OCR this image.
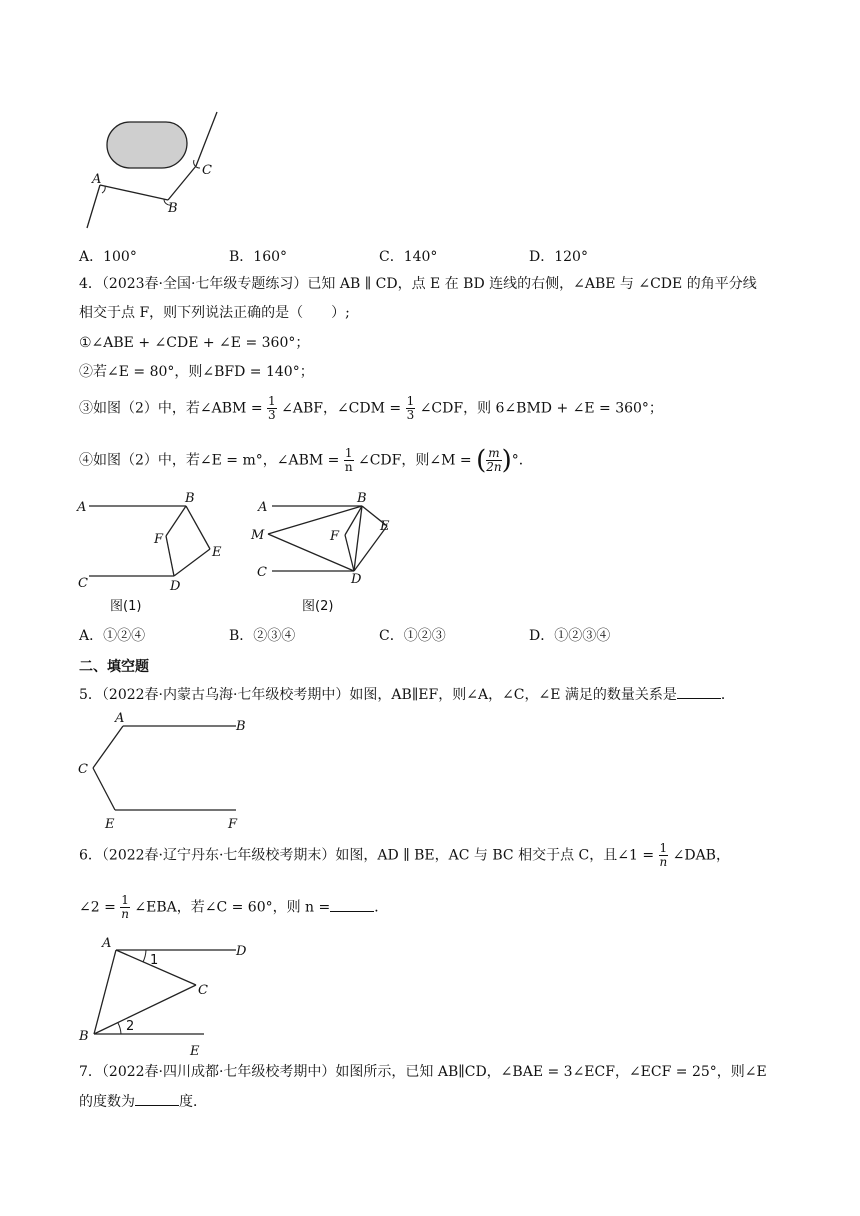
A
B
C
A．100°	B．160°	C．140°	D．120°
4．（2023春·全国·七年级专题练习）已知 AB ∥ CD，点 E 在 BD 连线的右侧，∠ABE 与 ∠CDE 的角平分线
相交于点 F，则下列说法正确的是（　　）;
①∠ABE + ∠CDE + ∠E = 360°；
②若∠E = 80°，则∠BFD = 140°；
③如图（2）中，若∠ABM = $\frac{1}{3}$ ∠ABF，∠CDM = $\frac{1}{3}$ ∠CDF，则 6∠BMD + ∠E = 360°；
④如图（2）中，若∠E = m°，∠ABM = $\frac{1}{n}$ ∠CDF，则∠M = ( $\frac{m}{2n}$ )°．
A
B
C	D
E
F
图(1)
A
B
C	D
E
F
M
图(2)
A．①②④	B．②③④	C．①②③	D．①②③④
二、填空题
5．（2022春·内蒙古乌海·七年级校考期中）如图，AB∥EF，则∠A，∠C，∠E 满足的数量关系是	．
A
B
C
E	F
6．（2022春·辽宁丹东·七年级校考期末）如图，AD ∥ BE，AC 与 BC 相交于点 C，且∠1 = $\frac{1}{n}$ ∠DAB，
∠2 = $\frac{1}{n}$ ∠EBA，若∠C = 60°，则 n =	．
A
D
C
B
E
1
2
7．（2022春·四川成都·七年级校考期中）如图所示，已知 AB∥CD，∠BAE = 3∠ECF，∠ECF = 25°，则∠E
的度数为	度．
